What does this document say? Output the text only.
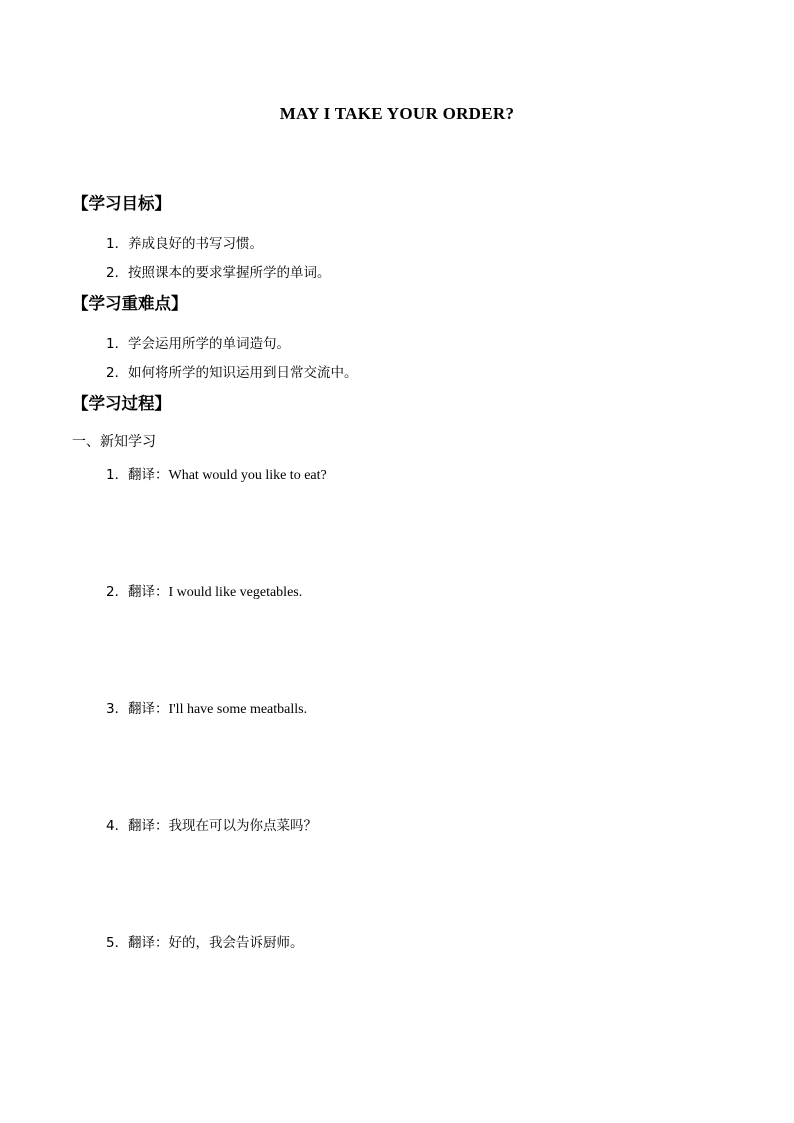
MAY I TAKE YOUR ORDER?
【学习目标】
1．养成良好的书写习惯。
2．按照课本的要求掌握所学的单词。
【学习重难点】
1．学会运用所学的单词造句。
2．如何将所学的知识运用到日常交流中。
【学习过程】
一、新知学习
1．翻译：What would you like to eat?
2．翻译：I would like vegetables.
3．翻译：I'll have some meatballs.
4．翻译：我现在可以为你点菜吗？
5．翻译：好的，我会告诉厨师。
